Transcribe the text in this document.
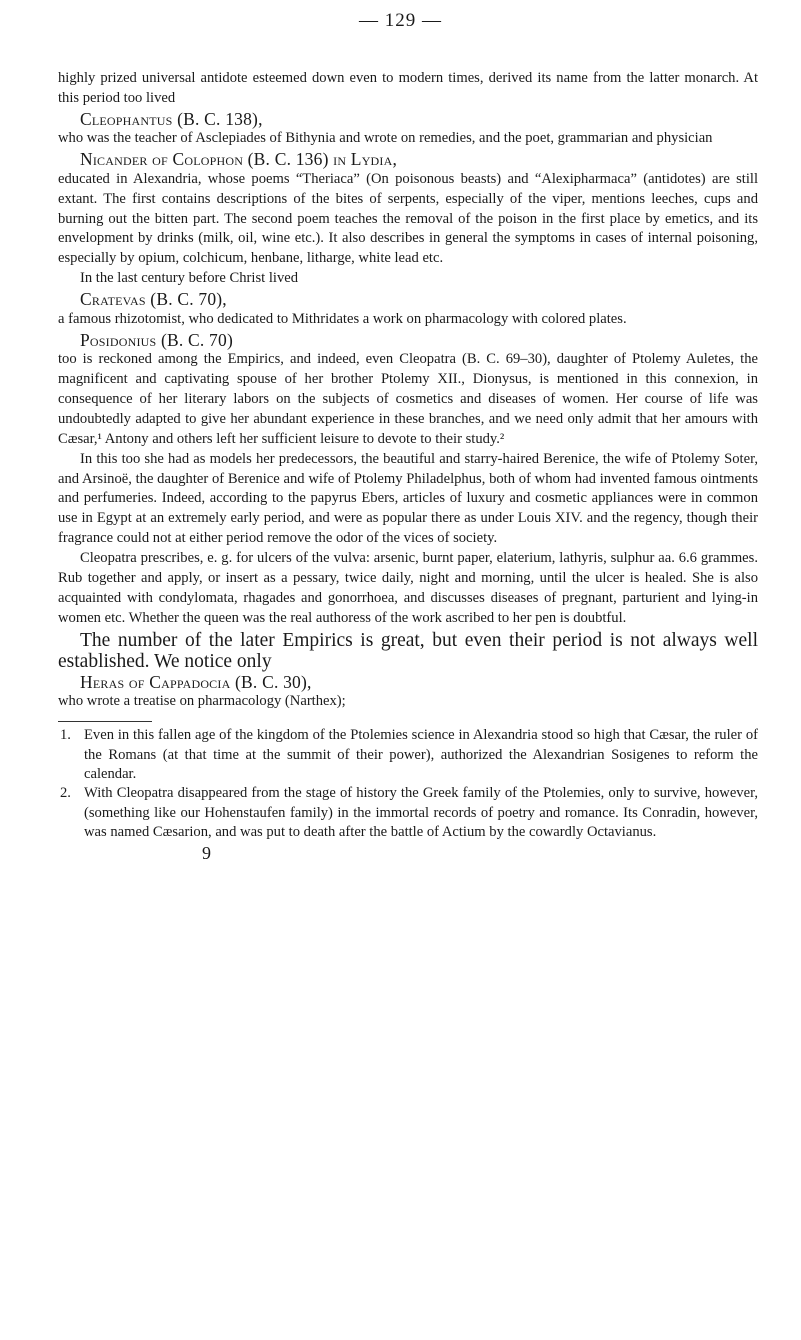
— 129 —

highly prized universal antidote esteemed down even to modern times, derived its name from the latter monarch. At this period too lived

Cleophantus (B. C. 138),

who was the teacher of Asclepiades of Bithynia and wrote on remedies, and the poet, grammarian and physician

Nicander of Colophon (B. C. 136) in Lydia,

educated in Alexandria, whose poems “Theriaca” (On poisonous beasts) and “Alexipharmaca” (antidotes) are still extant. The first contains descriptions of the bites of serpents, especially of the viper, mentions leeches, cups and burning out the bitten part. The second poem teaches the removal of the poison in the first place by emetics, and its envelopment by drinks (milk, oil, wine etc.). It also describes in general the symptoms in cases of internal poisoning, especially by opium, colchicum, henbane, litharge, white lead etc.

In the last century before Christ lived

Cratevas (B. C. 70),

a famous rhizotomist, who dedicated to Mithridates a work on pharmacology with colored plates.

Posidonius (B. C. 70)

too is reckoned among the Empirics, and indeed, even Cleopatra (B. C. 69–30), daughter of Ptolemy Auletes, the magnificent and captivating spouse of her brother Ptolemy XII., Dionysus, is mentioned in this connexion, in consequence of her literary labors on the subjects of cosmetics and diseases of women. Her course of life was undoubtedly adapted to give her abundant experience in these branches, and we need only admit that her amours with Cæsar,¹ Antony and others left her sufficient leisure to devote to their study.²

In this too she had as models her predecessors, the beautiful and starry-haired Berenice, the wife of Ptolemy Soter, and Arsinoë, the daughter of Berenice and wife of Ptolemy Philadelphus, both of whom had invented famous ointments and perfumeries. Indeed, according to the papyrus Ebers, articles of luxury and cosmetic appliances were in common use in Egypt at an extremely early period, and were as popular there as under Louis XIV. and the regency, though their fragrance could not at either period remove the odor of the vices of society.

Cleopatra prescribes, e. g. for ulcers of the vulva: arsenic, burnt paper, elaterium, lathyris, sulphur aa. 6.6 grammes. Rub together and apply, or insert as a pessary, twice daily, night and morning, until the ulcer is healed. She is also acquainted with condylomata, rhagades and gonorrhoea, and discusses diseases of pregnant, parturient and lying-in women etc. Whether the queen was the real authoress of the work ascribed to her pen is doubtful.

The number of the later Empirics is great, but even their period is not always well established. We notice only

Heras of Cappadocia (B. C. 30),

who wrote a treatise on pharmacology (Narthex);

1. Even in this fallen age of the kingdom of the Ptolemies science in Alexandria stood so high that Cæsar, the ruler of the Romans (at that time at the summit of their power), authorized the Alexandrian Sosigenes to reform the calendar.

2. With Cleopatra disappeared from the stage of history the Greek family of the Ptolemies, only to survive, however, (something like our Hohenstaufen family) in the immortal records of poetry and romance. Its Conradin, however, was named Cæsarion, and was put to death after the battle of Actium by the cowardly Octavianus.

9
